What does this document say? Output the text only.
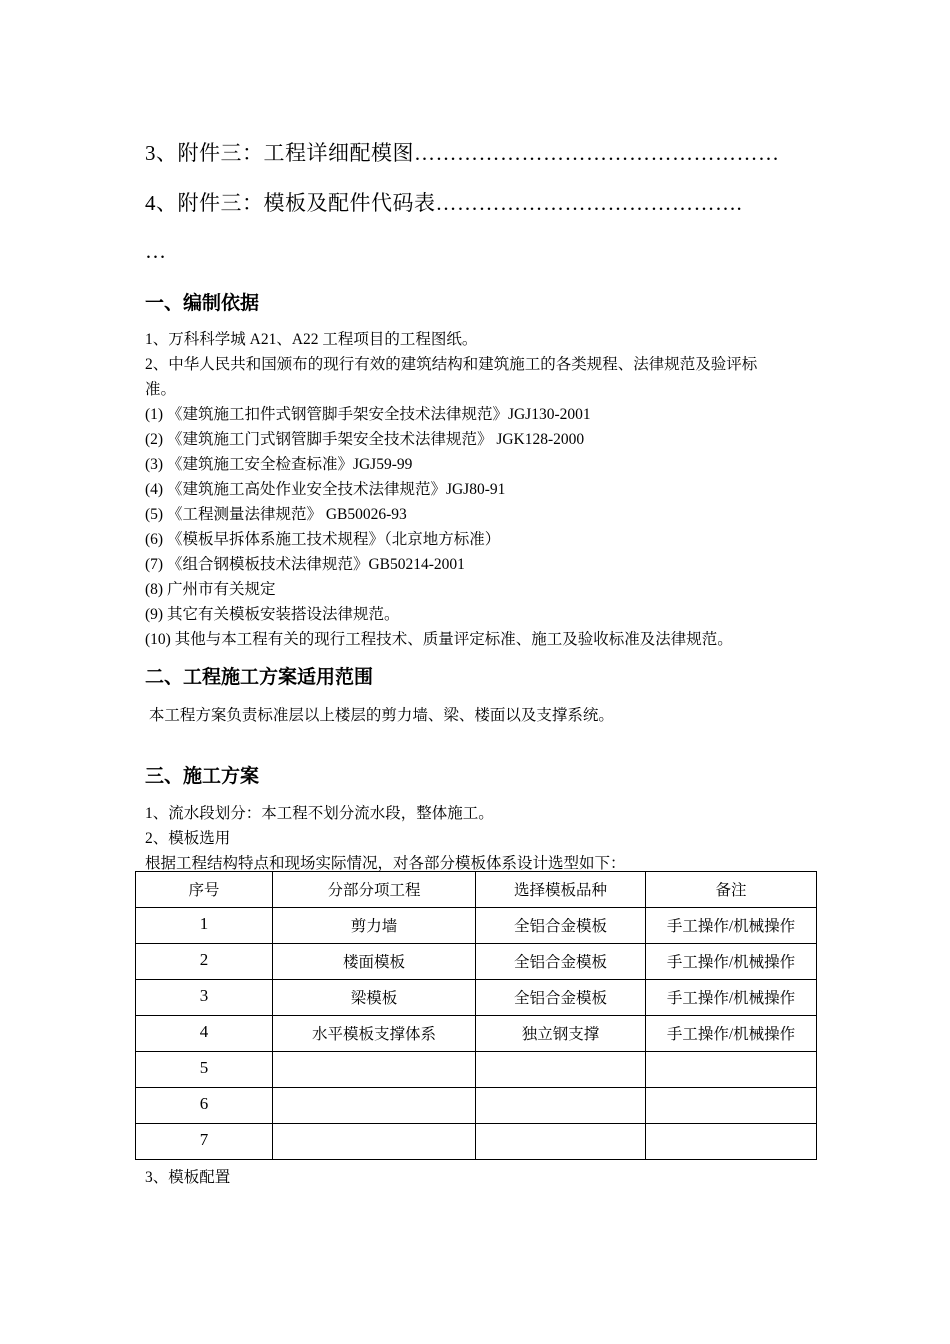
3、附件三：工程详细配模图……………………………………………
4、附件三：模板及配件代码表…………………………………….
…
一、编制依据
1、万科科学城 A21、A22 工程项目的工程图纸。
2、中华人民共和国颁布的现行有效的建筑结构和建筑施工的各类规程、法律规范及验评标
准。
(1) 《建筑施工扣件式钢管脚手架安全技术法律规范》JGJ130-2001
(2) 《建筑施工门式钢管脚手架安全技术法律规范》 JGK128-2000
(3) 《建筑施工安全检查标准》JGJ59-99
(4) 《建筑施工高处作业安全技术法律规范》JGJ80-91
(5) 《工程测量法律规范》 GB50026-93
(6) 《模板早拆体系施工技术规程》（北京地方标准）
(7) 《组合钢模板技术法律规范》GB50214-2001
(8) 广州市有关规定
(9) 其它有关模板安装搭设法律规范。
(10) 其他与本工程有关的现行工程技术、质量评定标准、施工及验收标准及法律规范。
二、工程施工方案适用范围
本工程方案负责标准层以上楼层的剪力墙、梁、楼面以及支撑系统。
三、施工方案
1、流水段划分：本工程不划分流水段，整体施工。
2、模板选用
根据工程结构特点和现场实际情况，对各部分模板体系设计选型如下：
序号	分部分项工程	选择模板品种	备注
1	剪力墙	全铝合金模板	手工操作/机械操作
2	楼面模板	全铝合金模板	手工操作/机械操作
3	梁模板	全铝合金模板	手工操作/机械操作
4	水平模板支撑体系	独立钢支撑	手工操作/机械操作
5			
6			
7			
3、模板配置
